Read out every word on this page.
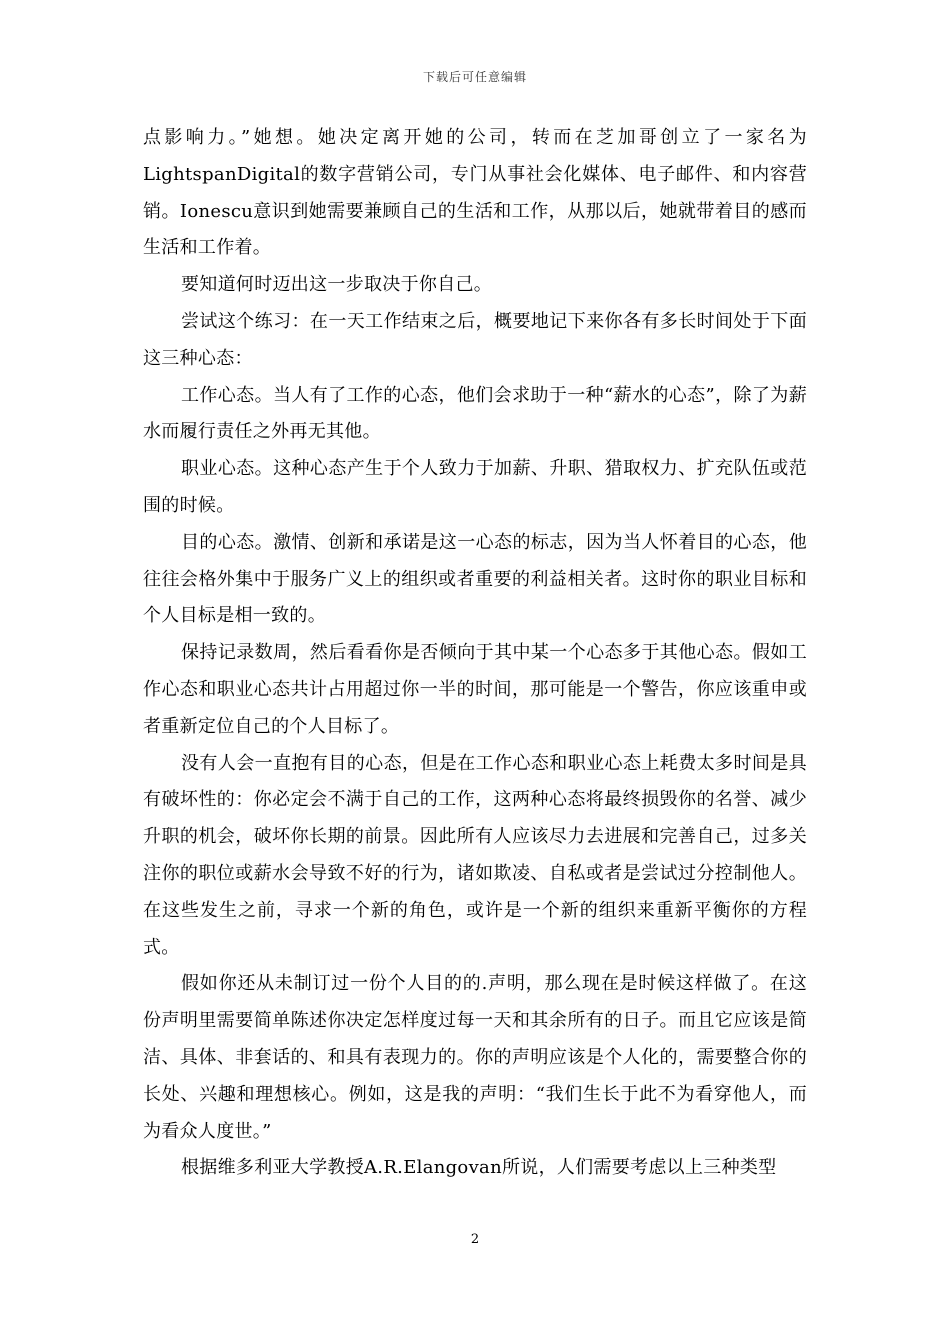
下载后可任意编辑

点影响力。”她想。她决定离开她的公司，转而在芝加哥创立了一家名为LightspanDigital的数字营销公司，专门从事社会化媒体、电子邮件、和内容营销。Ionescu意识到她需要兼顾自己的生活和工作，从那以后，她就带着目的感而生活和工作着。

要知道何时迈出这一步取决于你自己。

尝试这个练习：在一天工作结束之后，概要地记下来你各有多长时间处于下面这三种心态：

工作心态。当人有了工作的心态，他们会求助于一种“薪水的心态”，除了为薪水而履行责任之外再无其他。

职业心态。这种心态产生于个人致力于加薪、升职、猎取权力、扩充队伍或范围的时候。

目的心态。激情、创新和承诺是这一心态的标志，因为当人怀着目的心态，他往往会格外集中于服务广义上的组织或者重要的利益相关者。这时你的职业目标和个人目标是相一致的。

保持记录数周，然后看看你是否倾向于其中某一个心态多于其他心态。假如工作心态和职业心态共计占用超过你一半的时间，那可能是一个警告，你应该重申或者重新定位自己的个人目标了。

没有人会一直抱有目的心态，但是在工作心态和职业心态上耗费太多时间是具有破坏性的：你必定会不满于自己的工作，这两种心态将最终损毁你的名誉、减少升职的机会，破坏你长期的前景。因此所有人应该尽力去进展和完善自己，过多关注你的职位或薪水会导致不好的行为，诸如欺凌、自私或者是尝试过分控制他人。在这些发生之前，寻求一个新的角色，或许是一个新的组织来重新平衡你的方程式。

假如你还从未制订过一份个人目的的.声明，那么现在是时候这样做了。在这份声明里需要简单陈述你决定怎样度过每一天和其余所有的日子。而且它应该是简洁、具体、非套话的、和具有表现力的。你的声明应该是个人化的，需要整合你的长处、兴趣和理想核心。例如，这是我的声明：“我们生长于此不为看穿他人，而为看众人度世。”

根据维多利亚大学教授A.R.Elangovan所说，人们需要考虑以上三种类型

2
